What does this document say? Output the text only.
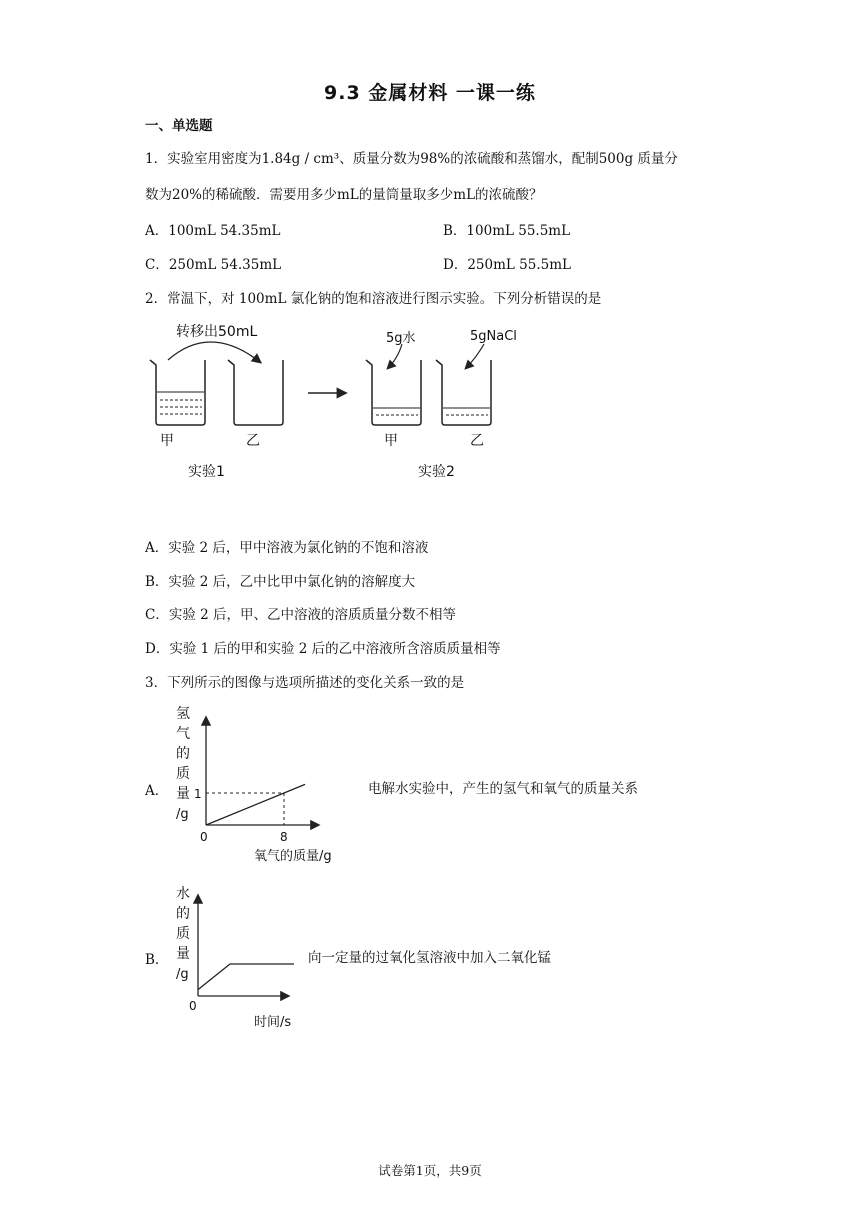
9.3 金属材料 一课一练
一、单选题
1．实验室用密度为1.84g / cm³、质量分数为98%的浓硫酸和蒸馏水，配制500g 质量分
数为20%的稀硫酸．需要用多少mL的量筒量取多少mL的浓硫酸？
A．100mL 54.35mL	B．100mL 55.5mL
C．250mL 54.35mL	D．250mL 55.5mL
2．常温下，对 100mL 氯化钠的饱和溶液进行图示实验。下列分析错误的是
转移出50mL
甲	乙
实验1
5g水	5gNaCl
甲	乙
实验2
A．实验 2 后，甲中溶液为氯化钠的不饱和溶液
B．实验 2 后，乙中比甲中氯化钠的溶解度大
C．实验 2 后，甲、乙中溶液的溶质质量分数不相等
D．实验 1 后的甲和实验 2 后的乙中溶液所含溶质质量相等
3．下列所示的图像与选项所描述的变化关系一致的是
A．	电解水实验中，产生的氢气和氧气的质量关系
氢
气
的
质
量
/g
0
1
8
氧气的质量/g
B．	向一定量的过氧化氢溶液中加入二氧化锰
水
的
质
量
/g
0
时间/s
试卷第1页，共9页
